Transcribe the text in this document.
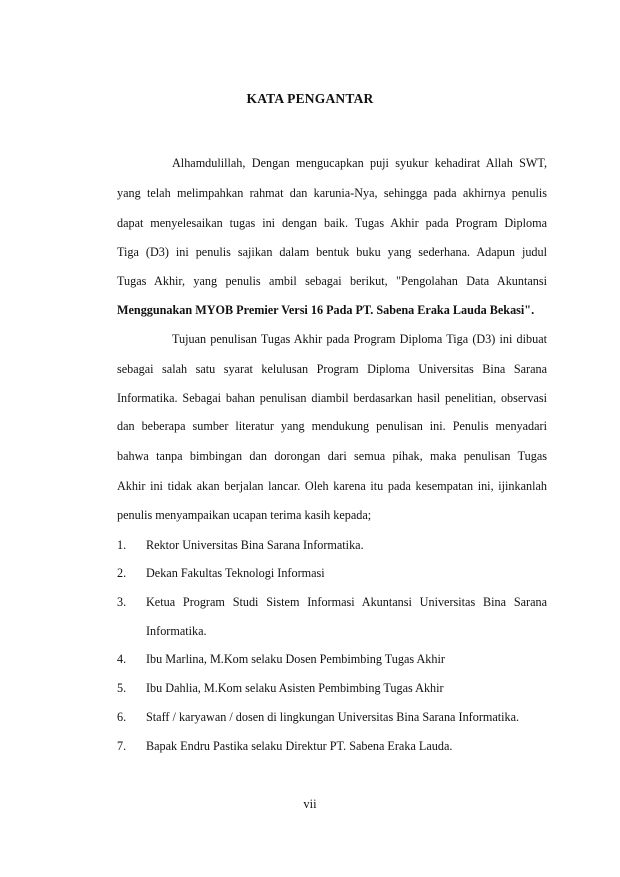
KATA PENGANTAR
Alhamdulillah, Dengan mengucapkan puji syukur kehadirat Allah SWT,
yang telah melimpahkan rahmat dan karunia-Nya, sehingga pada akhirnya penulis
dapat menyelesaikan tugas ini dengan baik. Tugas Akhir pada Program Diploma
Tiga (D3) ini penulis sajikan dalam bentuk buku yang sederhana. Adapun judul
Tugas Akhir, yang penulis ambil sebagai berikut, "Pengolahan Data Akuntansi
Menggunakan MYOB Premier Versi 16 Pada PT. Sabena Eraka Lauda Bekasi".
Tujuan penulisan Tugas Akhir pada Program Diploma Tiga (D3) ini dibuat
sebagai salah satu syarat kelulusan Program Diploma Universitas Bina Sarana
Informatika. Sebagai bahan penulisan diambil berdasarkan hasil penelitian, observasi
dan beberapa sumber literatur yang mendukung penulisan ini. Penulis menyadari
bahwa tanpa bimbingan dan dorongan dari semua pihak, maka penulisan Tugas
Akhir ini tidak akan berjalan lancar. Oleh karena itu pada kesempatan ini, ijinkanlah
penulis menyampaikan ucapan terima kasih kepada;
1. Rektor Universitas Bina Sarana Informatika.
2. Dekan Fakultas Teknologi Informasi
3. Ketua Program Studi Sistem Informasi Akuntansi Universitas Bina Sarana
Informatika.
4. Ibu Marlina, M.Kom selaku Dosen Pembimbing Tugas Akhir
5. Ibu Dahlia, M.Kom selaku Asisten Pembimbing Tugas Akhir
6. Staff / karyawan / dosen di lingkungan Universitas Bina Sarana Informatika.
7. Bapak Endru Pastika selaku Direktur PT. Sabena Eraka Lauda.
vii
